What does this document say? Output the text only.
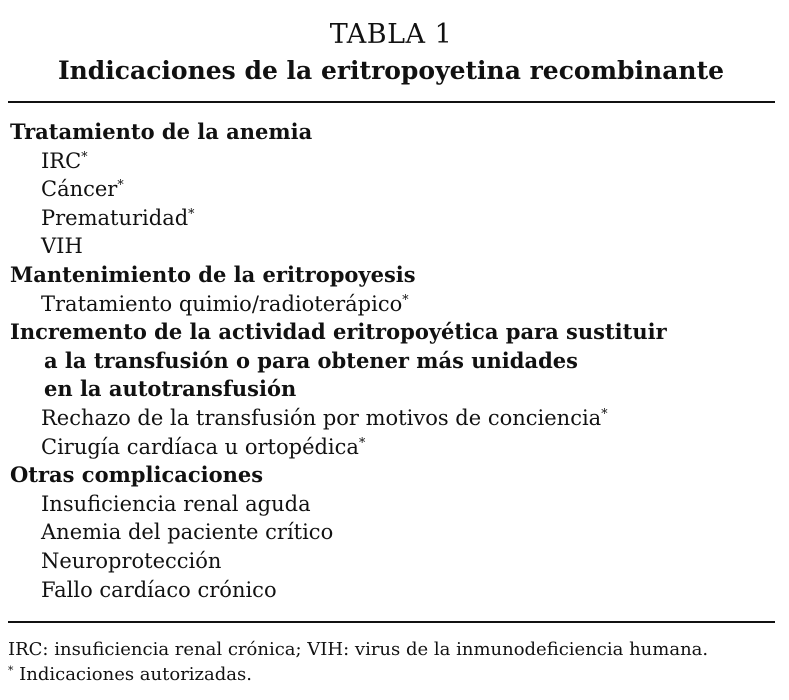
TABLA 1
Indicaciones de la eritropoyetina recombinante
Tratamiento de la anemia
IRC*
Cáncer*
Prematuridad*
VIH
Mantenimiento de la eritropoyesis
Tratamiento quimio/radioterápico*
Incremento de la actividad eritropoyética para sustituir
a la transfusión o para obtener más unidades
en la autotransfusión
Rechazo de la transfusión por motivos de conciencia*
Cirugía cardíaca u ortopédica*
Otras complicaciones
Insuficiencia renal aguda
Anemia del paciente crítico
Neuroprotección
Fallo cardíaco crónico
IRC: insuficiencia renal crónica; VIH: virus de la inmunodeficiencia humana.
* Indicaciones autorizadas.
